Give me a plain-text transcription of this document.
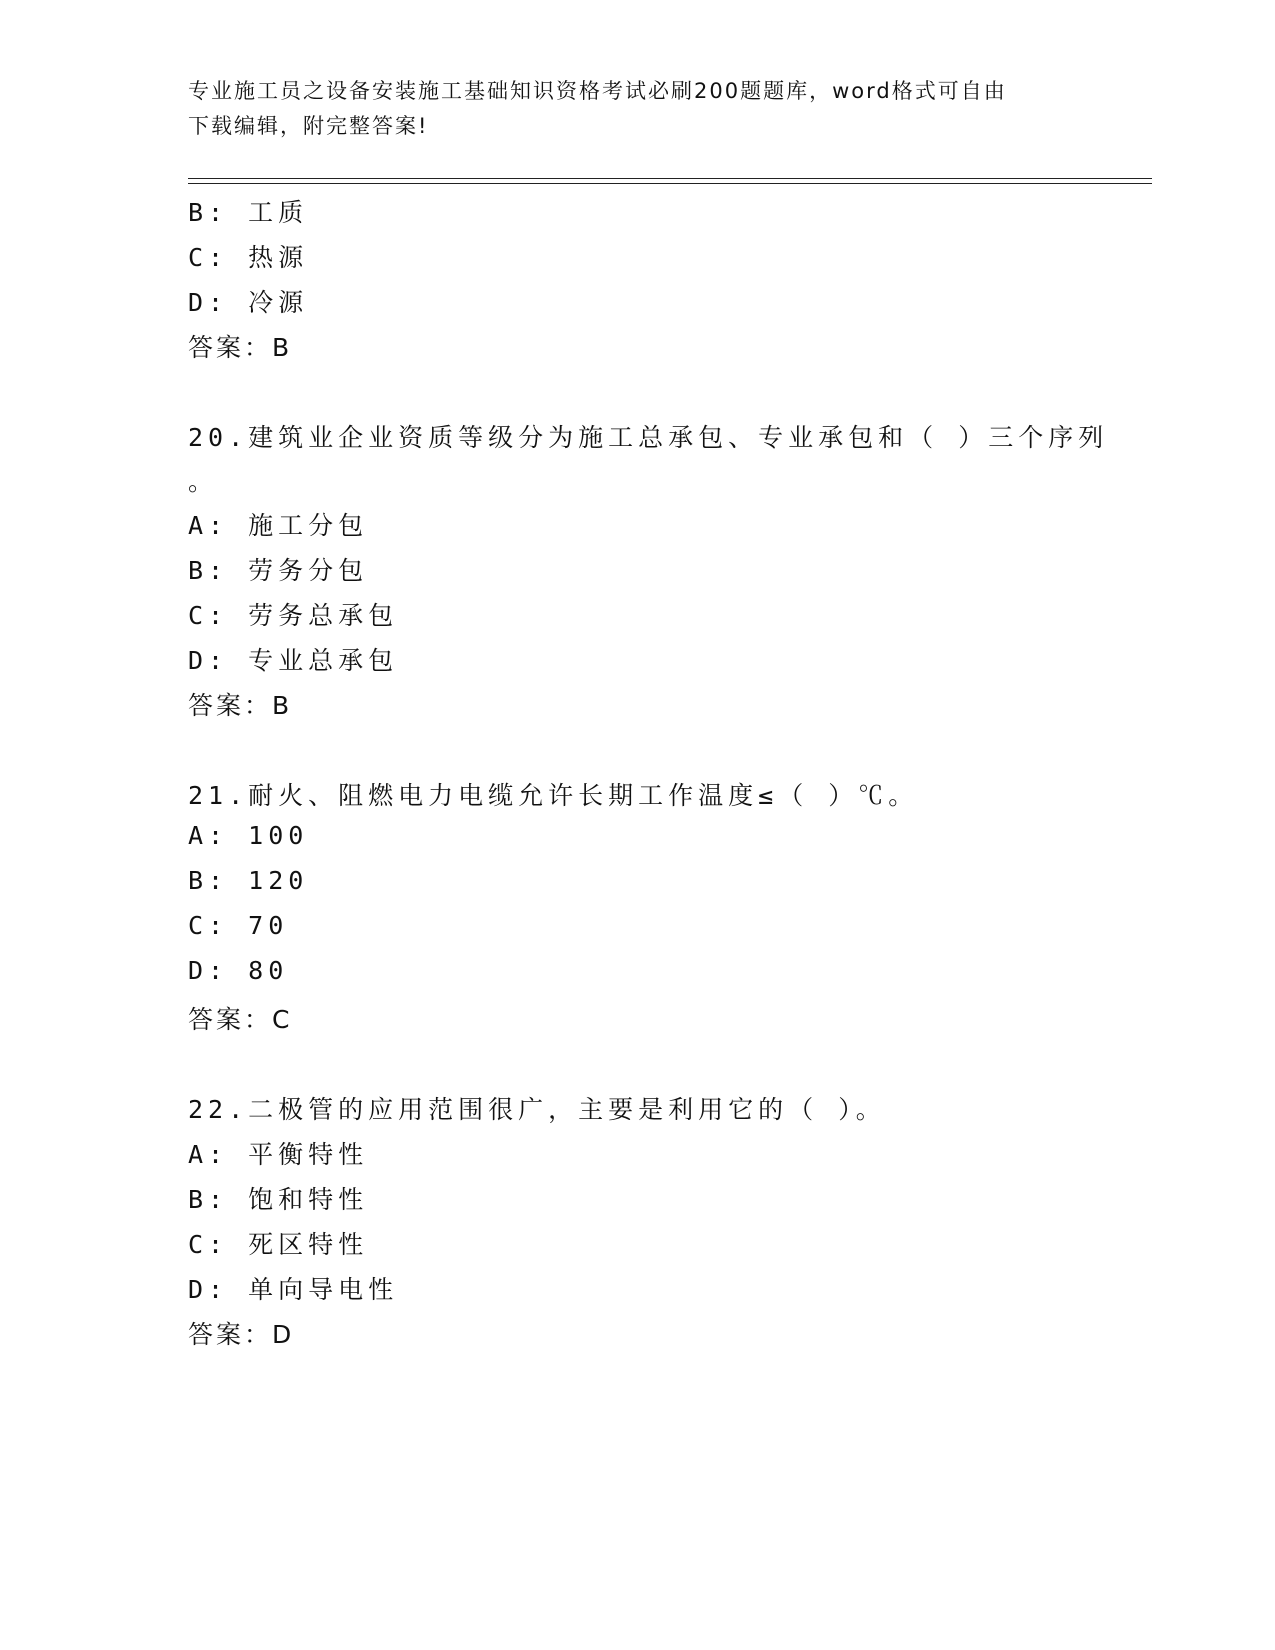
专业施工员之设备安装施工基础知识资格考试必刷200题题库，word格式可自由
下载编辑，附完整答案!
B: 工质
C: 热源
D: 冷源
答案：B
20.建筑业企业资质等级分为施工总承包、专业承包和（ ）三个序列
。
A: 施工分包
B: 劳务分包
C: 劳务总承包
D: 专业总承包
答案：B
21.耐火、阻燃电力电缆允许长期工作温度≤（ ）℃。
A: 100
B: 120
C: 70
D: 80
答案：C
22.二极管的应用范围很广，主要是利用它的（ ）。
A: 平衡特性
B: 饱和特性
C: 死区特性
D: 单向导电性
答案：D
